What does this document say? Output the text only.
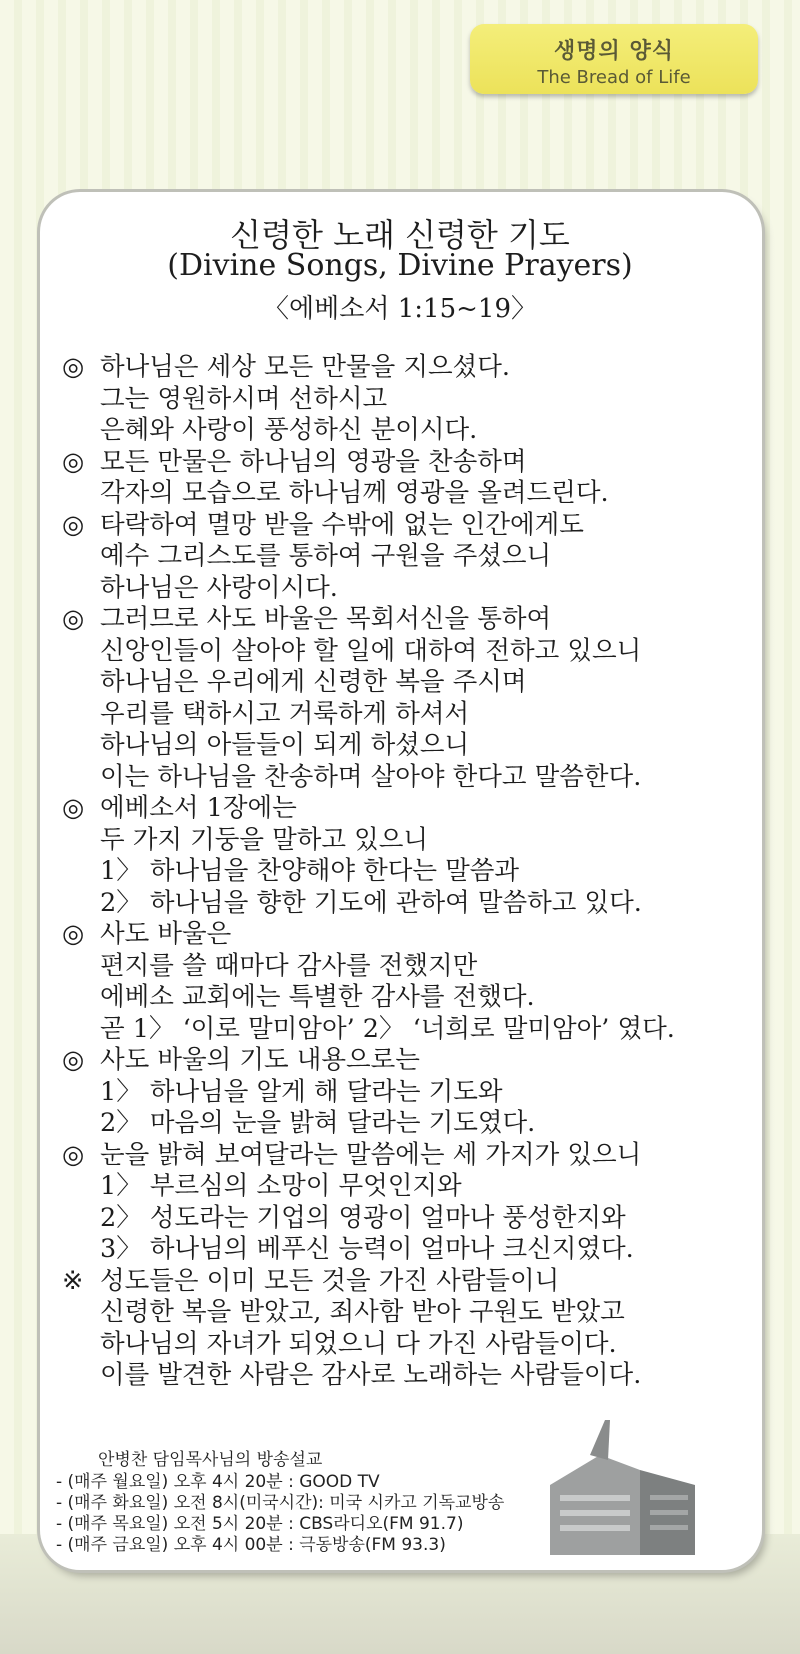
생명의 양식
The Bread of Life
신령한 노래 신령한 기도
(Divine Songs, Divine Prayers)
〈에베소서 1:15~19〉
◎ 하나님은 세상 모든 만물을 지으셨다.
그는 영원하시며 선하시고
은혜와 사랑이 풍성하신 분이시다.
◎ 모든 만물은 하나님의 영광을 찬송하며
각자의 모습으로 하나님께 영광을 올려드린다.
◎ 타락하여 멸망 받을 수밖에 없는 인간에게도
예수 그리스도를 통하여 구원을 주셨으니
하나님은 사랑이시다.
◎ 그러므로 사도 바울은 목회서신을 통하여
신앙인들이 살아야 할 일에 대하여 전하고 있으니
하나님은 우리에게 신령한 복을 주시며
우리를 택하시고 거룩하게 하셔서
하나님의 아들들이 되게 하셨으니
이는 하나님을 찬송하며 살아야 한다고 말씀한다.
◎ 에베소서 1장에는
두 가지 기둥을 말하고 있으니
1〉 하나님을 찬양해야 한다는 말씀과
2〉 하나님을 향한 기도에 관하여 말씀하고 있다.
◎ 사도 바울은
편지를 쓸 때마다 감사를 전했지만
에베소 교회에는 특별한 감사를 전했다.
곧 1〉 ‘이로 말미암아’ 2〉 ‘너희로 말미암아’ 였다.
◎ 사도 바울의 기도 내용으로는
1〉 하나님을 알게 해 달라는 기도와
2〉 마음의 눈을 밝혀 달라는 기도였다.
◎ 눈을 밝혀 보여달라는 말씀에는 세 가지가 있으니
1〉 부르심의 소망이 무엇인지와
2〉 성도라는 기업의 영광이 얼마나 풍성한지와
3〉 하나님의 베푸신 능력이 얼마나 크신지였다.
※ 성도들은 이미 모든 것을 가진 사람들이니
신령한 복을 받았고, 죄사함 받아 구원도 받았고
하나님의 자녀가 되었으니 다 가진 사람들이다.
이를 발견한 사람은 감사로 노래하는 사람들이다.
안병찬 담임목사님의 방송설교
- (매주 월요일) 오후 4시 20분 : GOOD TV
- (매주 화요일) 오전 8시(미국시간): 미국 시카고 기독교방송
- (매주 목요일) 오전 5시 20분 : CBS라디오(FM 91.7)
- (매주 금요일) 오후 4시 00분 : 극동방송(FM 93.3)
